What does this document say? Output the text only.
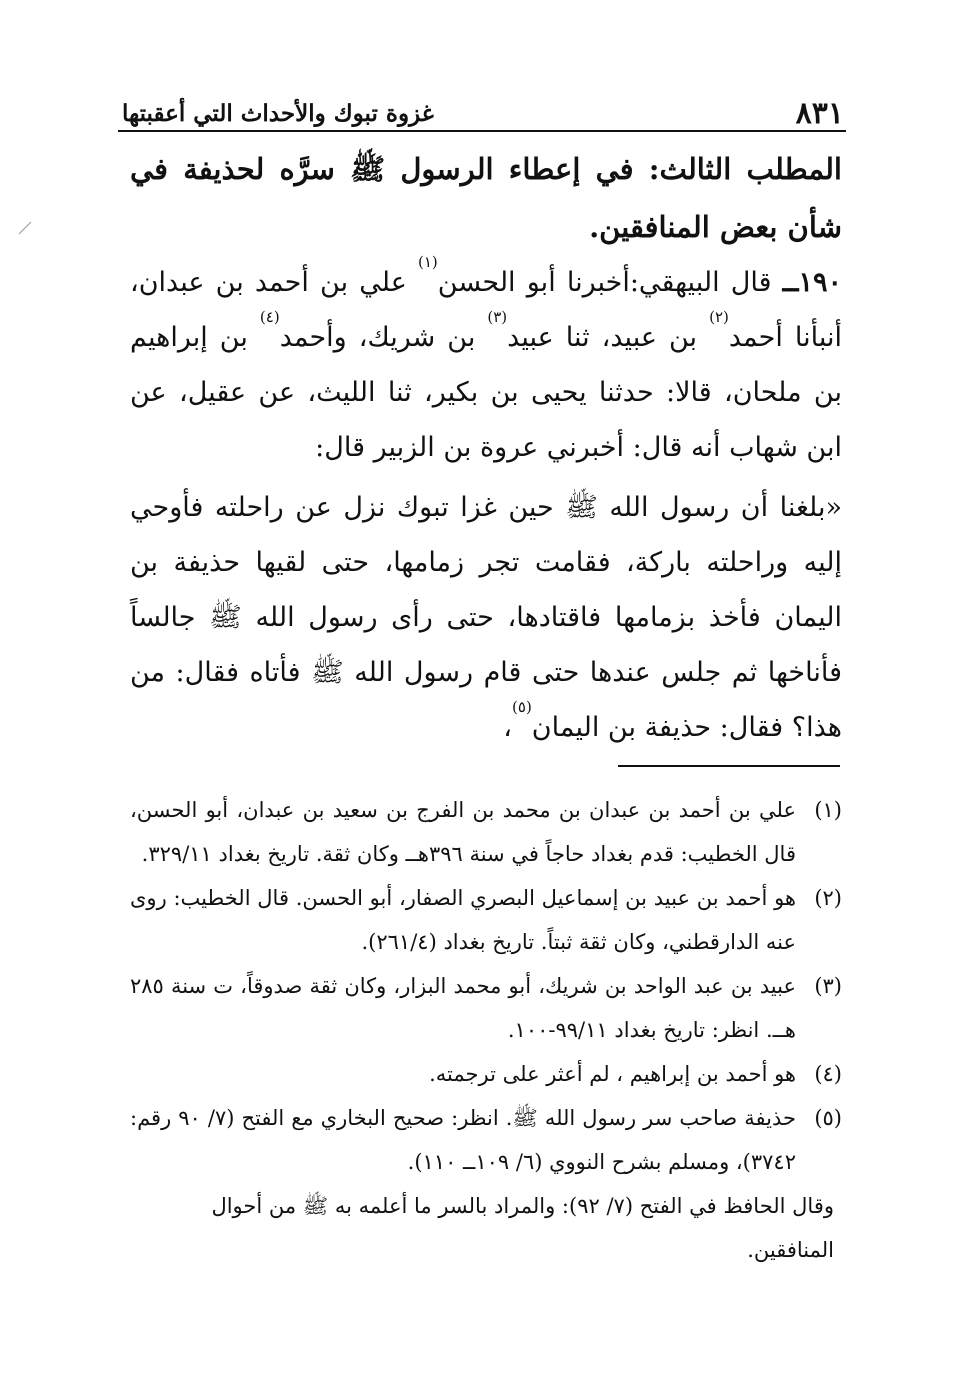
٨٣١
غزوة تبوك والأحداث التي أعقبتها
المطلب الثالث: في إعطاء الرسول ﷺ سرَّه لحذيفة في شأن بعض المنافقين.
١٩٠ــ قال البيهقي:أخبرنا أبو الحسن$^{(١)}$ علي بن أحمد بن عبدان، أنبأنا أحمد$^{(٢)}$ بن عبيد، ثنا عبيد$^{(٣)}$ بن شريك، وأحمد$^{(٤)}$ بن إبراهيم بن ملحان، قالا: حدثنا يحيى بن بكير، ثنا الليث، عن عقيل، عن ابن شهاب أنه قال: أخبرني عروة بن الزبير قال:
«بلغنا أن رسول الله ﷺ حين غزا تبوك نزل عن راحلته فأوحي إليه وراحلته باركة، فقامت تجر زمامها، حتى لقيها حذيفة بن اليمان فأخذ بزمامها فاقتادها، حتى رأى رسول الله ﷺ جالساً فأناخها ثم جلس عندها حتى قام رسول الله ﷺ فأتاه فقال: من هذا؟ فقال: حذيفة بن اليمان$^{(٥)}$،
(١)
علي بن أحمد بن عبدان بن محمد بن الفرج بن سعيد بن عبدان، أبو الحسن، قال الخطيب: قدم بغداد حاجاً في سنة ٣٩٦هــ وكان ثقة. تاريخ بغداد ٣٢٩/١١.
(٢)
هو أحمد بن عبيد بن إسماعيل البصري الصفار، أبو الحسن. قال الخطيب: روى عنه الدارقطني، وكان ثقة ثبتاً. تاريخ بغداد (٢٦١/٤).
(٣)
عبيد بن عبد الواحد بن شريك، أبو محمد البزار، وكان ثقة صدوقاً، ت سنة ٢٨٥ هــ. انظر: تاريخ بغداد ٩٩/١١-١٠٠.
(٤)
هو أحمد بن إبراهيم ، لم أعثر على ترجمته.
(٥)
حذيفة صاحب سر رسول الله ﷺ. انظر: صحيح البخاري مع الفتح (٧/ ٩٠ رقم: ٣٧٤٢)، ومسلم بشرح النووي (٦/ ١٠٩ــ ١١٠).
وقال الحافظ في الفتح (٧/ ٩٢): والمراد بالسر ما أعلمه به ﷺ من أحوال المنافقين.
